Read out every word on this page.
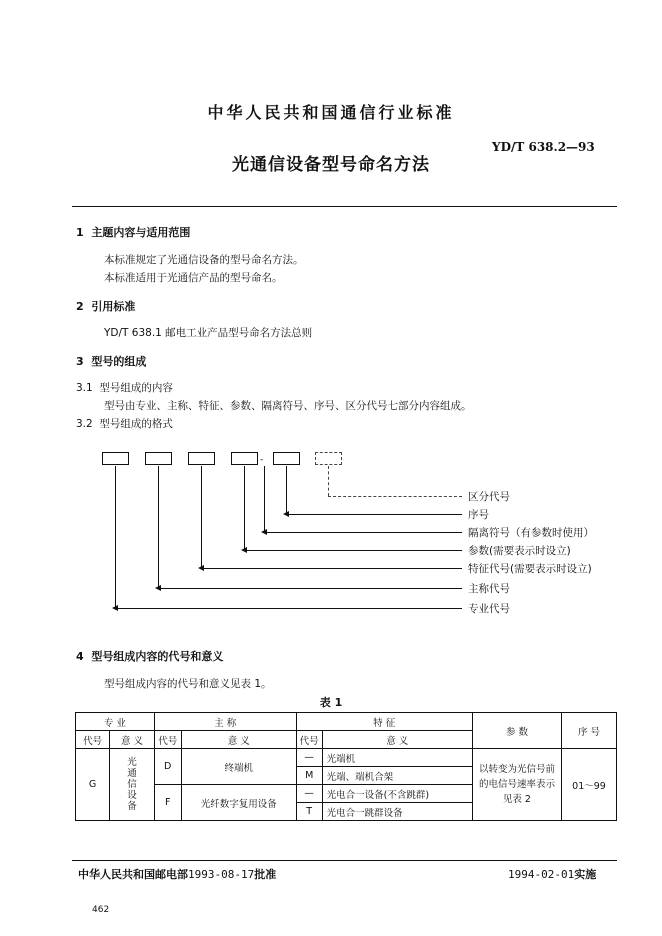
中华人民共和国通信行业标准
YD/T 638.2—93
光通信设备型号命名方法
1 主题内容与适用范围
本标准规定了光通信设备的型号命名方法。
本标准适用于光通信产品的型号命名。
2 引用标准
YD/T 638.1 邮电工业产品型号命名方法总则
3 型号的组成
3.1 型号组成的内容
型号由专业、主称、特征、参数、隔离符号、序号、区分代号七部分内容组成。
3.2 型号组成的格式
-
区分代号
序号
隔离符号（有参数时使用）
参数(需要表示时设立)
特征代号(需要表示时设立)
主称代号
专业代号
4 型号组成内容的代号和意义
型号组成内容的代号和意义见表 1。
表 1
专 业		主 称		特 征		参 数	序 号
代号	意 义	代号	意 义	代号	意 义		
G	光通信设备	D	终端机	—	光端机	以转变为光信号前的电信号速率表示见表 2	01～99
				M	光端、端机合架		
		F	光纤数字复用设备	—	光电合一设备(不含跳群)		
				T	光电合一跳群设备		
中华人民共和国邮电部1993-08-17批准	1994-02-01实施
462
